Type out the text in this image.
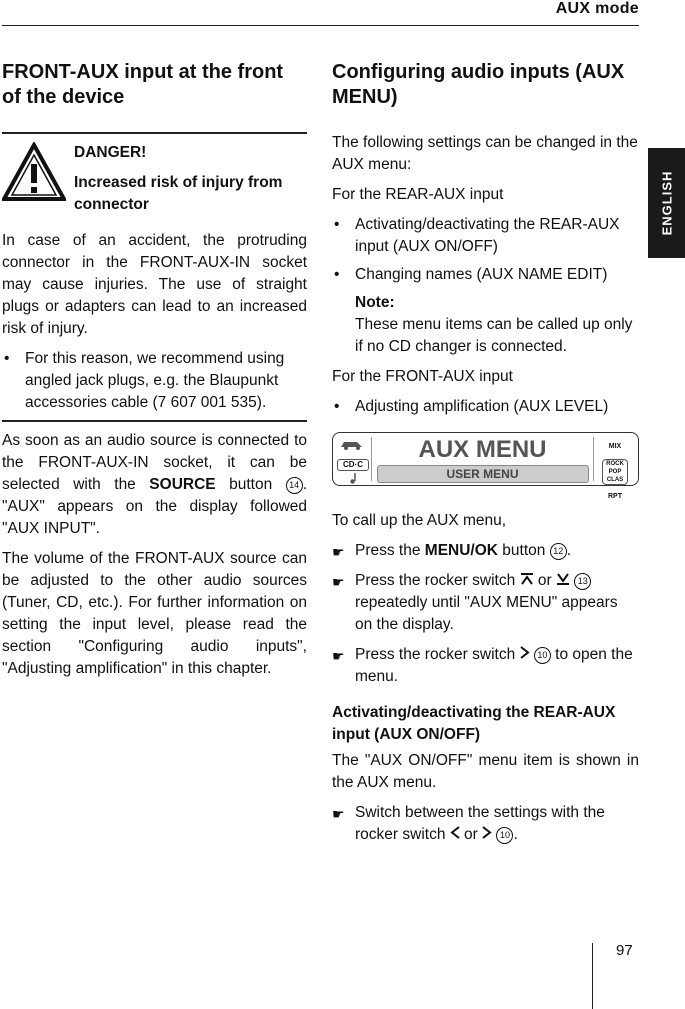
AUX mode
ENGLISH
FRONT-AUX input at the front of the device

DANGER!

Increased risk of injury from connector

In case of an accident, the protruding connector in the FRONT-AUX-IN socket may cause injuries. The use of straight plugs or adapters can lead to an increased risk of injury.

• For this reason, we recommend using angled jack plugs, e.g. the Blaupunkt accessories cable (7 607 001 535).

As soon as an audio source is connected to the FRONT-AUX-IN socket, it can be selected with the SOURCE button 14 . "AUX" appears on the display followed "AUX INPUT".

The volume of the FRONT-AUX source can be adjusted to the other audio sources (Tuner, CD, etc.). For further information on setting the input level, please read the section "Configuring audio inputs", "Adjusting amplification" in this chapter.

Configuring audio inputs (AUX MENU)

The following settings can be changed in the AUX menu:

For the REAR-AUX input

• Activating/deactivating the REAR-AUX input (AUX ON/OFF)
• Changing names (AUX NAME EDIT)
Note:
These menu items can be called up only if no CD changer is connected.

For the FRONT-AUX input

• Adjusting amplification (AUX LEVEL)
CD·C
AUX MENU
USER MENU
MIX
ROCK
POP
CLAS
RPT

To call up the AUX menu,

☛ Press the MENU/OK button 12 .
☛ Press the rocker switch  or  13 repeatedly until "AUX MENU" appears on the display.
☛ Press the rocker switch  10 to open the menu.
Activating/deactivating the REAR-AUX input (AUX ON/OFF)

The "AUX ON/OFF" menu item is shown in the AUX menu.

☛ Switch between the settings with the rocker switch  or  10 .
97
